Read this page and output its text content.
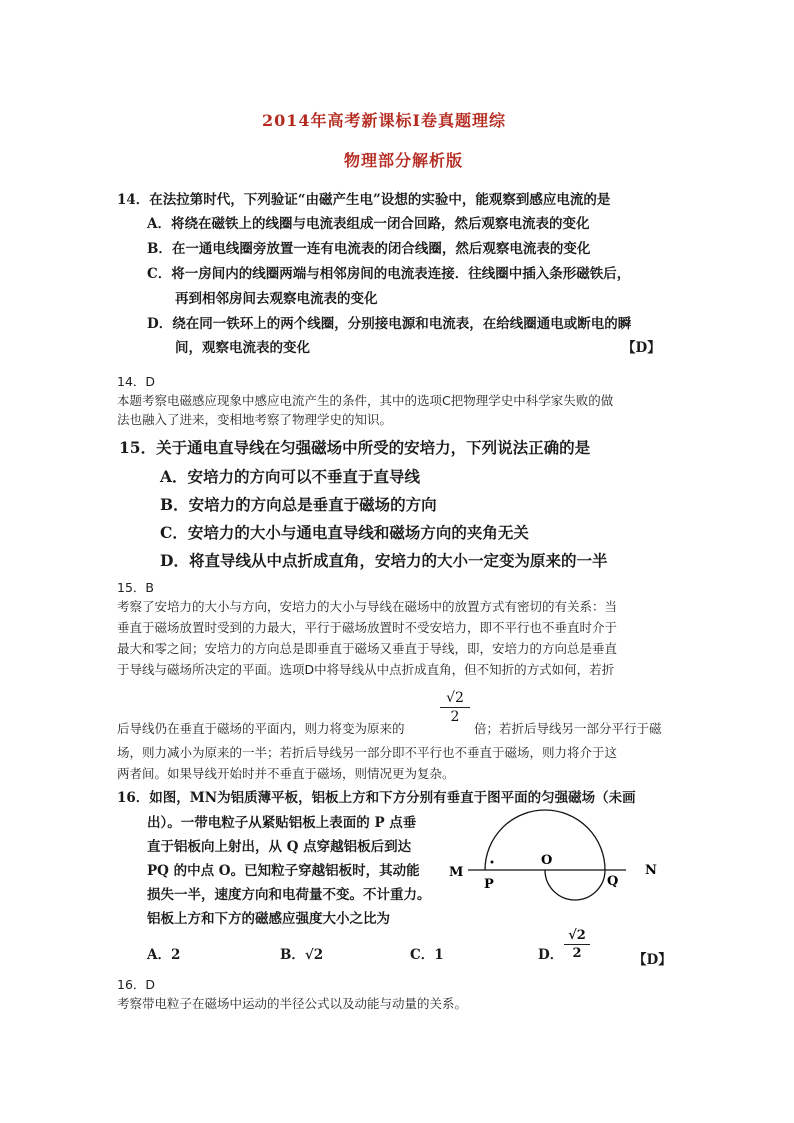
2014年高考新课标Ⅰ卷真题理综
物理部分解析版
14．在法拉第时代，下列验证“由磁产生电”设想的实验中，能观察到感应电流的是
A．将绕在磁铁上的线圈与电流表组成一闭合回路，然后观察电流表的变化
B．在一通电线圈旁放置一连有电流表的闭合线圈，然后观察电流表的变化
C．将一房间内的线圈两端与相邻房间的电流表连接．往线圈中插入条形磁铁后，
再到相邻房间去观察电流表的变化
D．绕在同一铁环上的两个线圈，分别接电源和电流表，在给线圈通电或断电的瞬
间，观察电流表的变化	【D】
14．D
本题考察电磁感应现象中感应电流产生的条件，其中的选项C把物理学史中科学家失败的做
法也融入了进来，变相地考察了物理学史的知识。
15．关于通电直导线在匀强磁场中所受的安培力，下列说法正确的是
A．安培力的方向可以不垂直于直导线
B．安培力的方向总是垂直于磁场的方向
C．安培力的大小与通电直导线和磁场方向的夹角无关
D．将直导线从中点折成直角，安培力的大小一定变为原来的一半
15．B
考察了安培力的大小与方向，安培力的大小与导线在磁场中的放置方式有密切的有关系：当
垂直于磁场放置时受到的力最大，平行于磁场放置时不受安培力，即不平行也不垂直时介于
最大和零之间；安培力的方向总是即垂直于磁场又垂直于导线，即，安培力的方向总是垂直
于导线与磁场所决定的平面。选项D中将导线从中点折成直角，但不知折的方式如何，若折
后导线仍在垂直于磁场的平面内，则力将变为原来的
√2
2
倍；若折后导线另一部分平行于磁
场，则力减小为原来的一半；若折后导线另一部分即不平行也不垂直于磁场，则力将介于这
两者间。如果导线开始时并不垂直于磁场，则情况更为复杂。
16．如图，MN为铝质薄平板，铝板上方和下方分别有垂直于图平面的匀强磁场（未画
出）。一带电粒子从紧贴铝板上表面的 P 点垂
直于铝板向上射出，从 Q 点穿越铝板后到达
PQ 的中点 O。已知粒子穿越铝板时，其动能
损失一半，速度方向和电荷量不变。不计重力。
铝板上方和下方的磁感应强度大小之比为
M	N
P
O
Q
A．2	B．√2	C．1	D．
√2
2	【D】
16．D
考察带电粒子在磁场中运动的半径公式以及动能与动量的关系。
